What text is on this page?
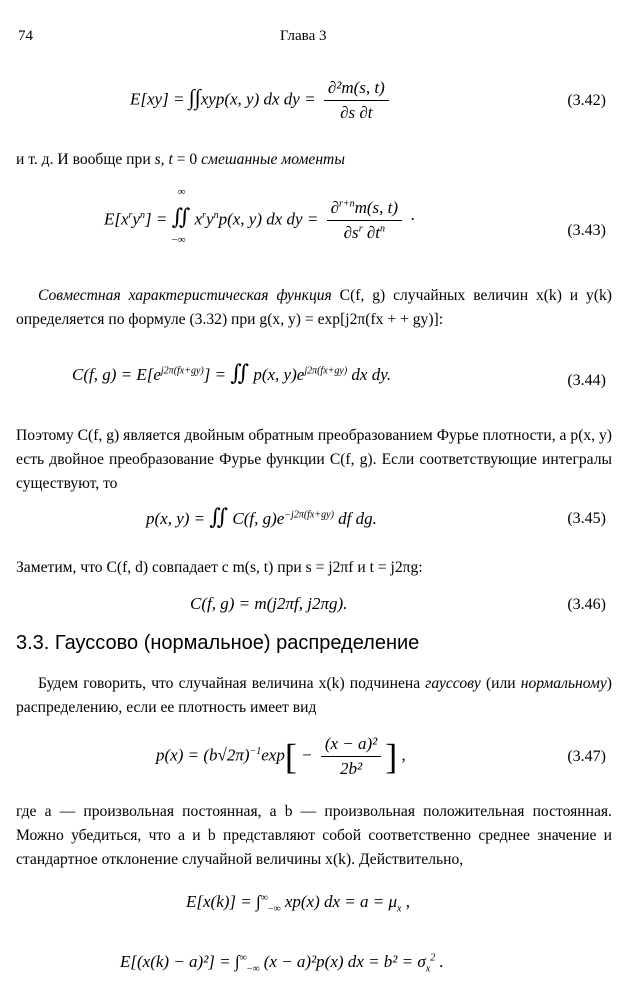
74	Глава 3
E[xy] = ∫∫xyp(x, y) dx dy = $\frac{\text{∂²m(s, t)}}{\partial s \partial t}$	(3.42)
и т. д. И вообще при s, t = 0 смешанные моменты
$E[x^ry^n]$ =
∞
∬
−∞
$x^ry^np(x$, y) dx dy = $\frac{\partial^{r+n}m(s, t)}{\partial s^r \partial t^n}$ ·
(3.43)
Совместная характеристическая функция C(f, g) случайных величин x(k) и y(k) определяется по формуле (3.32) при g(x, y) = exp[j2π(fx + + gy)]:
C(f, $g) = E[e^{j2\pi(fx+gy)}]$ = ∬ p(x, $y)e^{j2\pi(fx+gy)}$ dx dy.	(3.44)
Поэтому C(f, g) является двойным обратным преобразованием Фурье плотности, а p(x, y) есть двойное преобразование Фурье функции C(f, g). Если соответствующие интегралы существуют, то
p(x, y) = ∬ C(f, $g)e^{-j2\pi(fx+gy)}$ df dg.	(3.45)
Заметим, что C(f, d) совпадает с m(s, t) при s = j2πf и t = j2πg:
C(f, g) = m(j2πf, j2πg).	(3.46)
3.3. Гауссово (нормальное) распределение
Будем говорить, что случайная величина x(k) подчинена гауссову (или нормальному) распределению, если ее плотность имеет вид
$p(x) = (b√2\pi)^{-1}\exp[ - \frac{\text{(x − a)²}}{\text{2b²}}$ ] ,	(3.47)
где a — произвольная постоянная, а b — произвольная положительная постоянная. Можно убедиться, что a и b представляют собой соответственно среднее значение и стандартное отклонение случайной величины x(k). Действительно,
$E[x(k)] = \int^\infty_{-\infty}$ xp(x) dx = $a = \mu_x$ ,
$E[(x(k) - a)^2] = \int^\infty_{-\infty}$ (x − a)²p(x) dx = $b^2 = \sigma_x^2$ .
